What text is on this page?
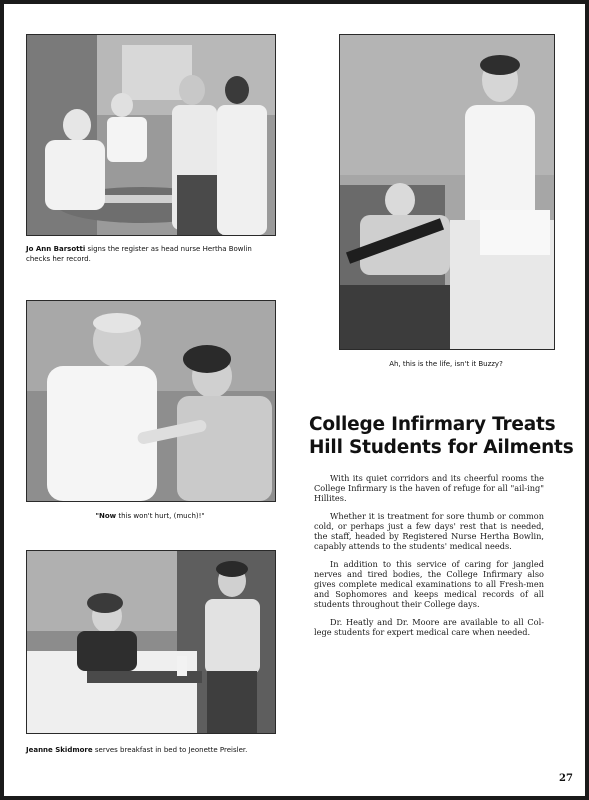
Jo Ann Barsotti signs the register as head nurse Hertha Bowlin checks her record.
Ah, this is the life, isn't it Buzzy?
"Now this won't hurt, (much)!"
Jeanne Skidmore serves breakfast in bed to Jeonette Preisler.
College Infirmary Treats
Hill Students for Ailments

With its quiet corridors and its cheerful rooms the College Infirmary is the haven of refuge for all "ail-ing" Hillites.

Whether it is treatment for sore thumb or common cold, or perhaps just a few days' rest that is needed, the staff, headed by Registered Nurse Hertha Bowlin, capably attends to the students' medical needs.

In addition to this service of caring for jangled nerves and tired bodies, the College Infirmary also gives complete medical examinations to all Fresh-men and Sophomores and keeps medical records of all students throughout their College days.

Dr. Heatly and Dr. Moore are available to all Col-lege students for expert medical care when needed.

27
